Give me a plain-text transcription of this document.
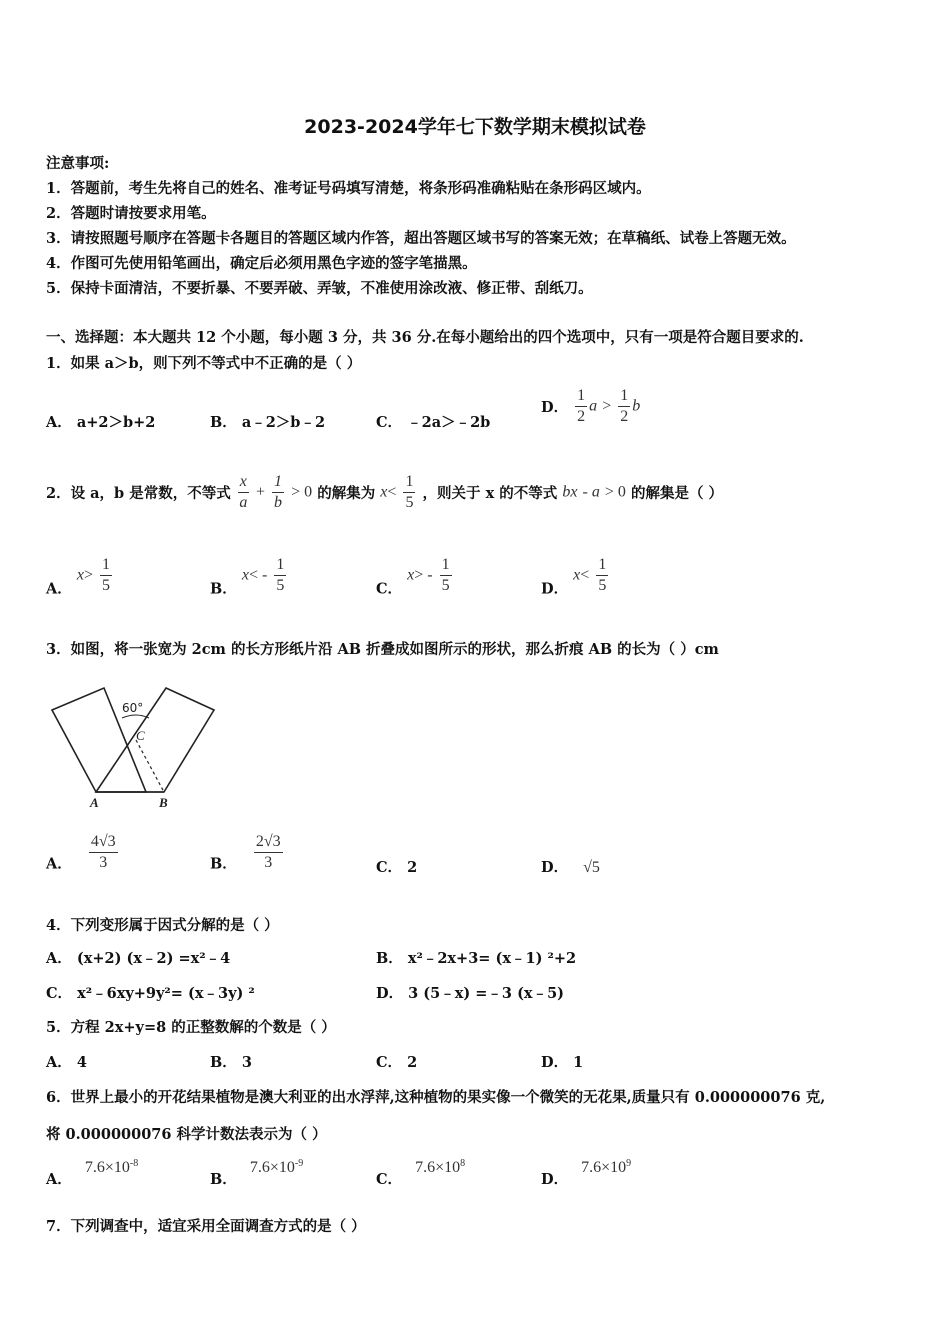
2023-2024学年七下数学期末模拟试卷
注意事项:
1．答题前，考生先将自己的姓名、准考证号码填写清楚，将条形码准确粘贴在条形码区域内。
2．答题时请按要求用笔。
3．请按照题号顺序在答题卡各题目的答题区域内作答，超出答题区域书写的答案无效；在草稿纸、试卷上答题无效。
4．作图可先使用铅笔画出，确定后必须用黑色字迹的签字笔描黑。
5．保持卡面清洁，不要折暴、不要弄破、弄皱，不准使用涂改液、修正带、刮纸刀。
一、选择题：本大题共 12 个小题，每小题 3 分，共 36 分.在每小题给出的四个选项中，只有一项是符合题目要求的.
1．如果 a＞b，则下列不等式中不正确的是（ ）
A． a+2＞b+2	B． a﹣2＞b﹣2	C． ﹣2a＞﹣2b
D． $\frac{1}{2}$ $a > \frac{1}{2}$ b
2．设 a，b 是常数，不等式 $\frac{x}{a} + \frac{1}{b} > 0$ 的解集为 $x< \frac{1}{5}$ ，则关于 x 的不等式 bx - a > 0 的解集是（ ）
A． $x> \frac{1}{5}$	B． $x< - \frac{1}{5}$	C． $x> - \frac{1}{5}$	D． $x< \frac{1}{5}$
3．如图，将一张宽为 2cm 的长方形纸片沿 AB 折叠成如图所示的形状，那么折痕 AB 的长为（ ）cm
60°
C
A	B
A． $\frac{4√3}{3}$	B． $\frac{2√3}{3}$	C． 2	D． √5
4．下列变形属于因式分解的是（ ）
A． (x+2) (x﹣2) =x²﹣4	B． x²﹣2x+3= (x﹣1) ²+2
C． x²﹣6xy+9y²= (x﹣3y) ²	D． 3 (5﹣x) =﹣3 (x﹣5)
5．方程 2x+y=8 的正整数解的个数是（ ）
A． 4	B． 3	C． 2	D． 1
6．世界上最小的开花结果植物是澳大利亚的出水浮萍,这种植物的果实像一个微笑的无花果,质量只有 0.000000076 克,
将 0.000000076 科学计数法表示为（ ）
A． $7.6\times 10^{-8}$
B． $7.6\times 10^{-9}$
C． $7.6\times 10^8$
D． $7.6\times 10^9$
7．下列调查中，适宜采用全面调查方式的是（ ）
